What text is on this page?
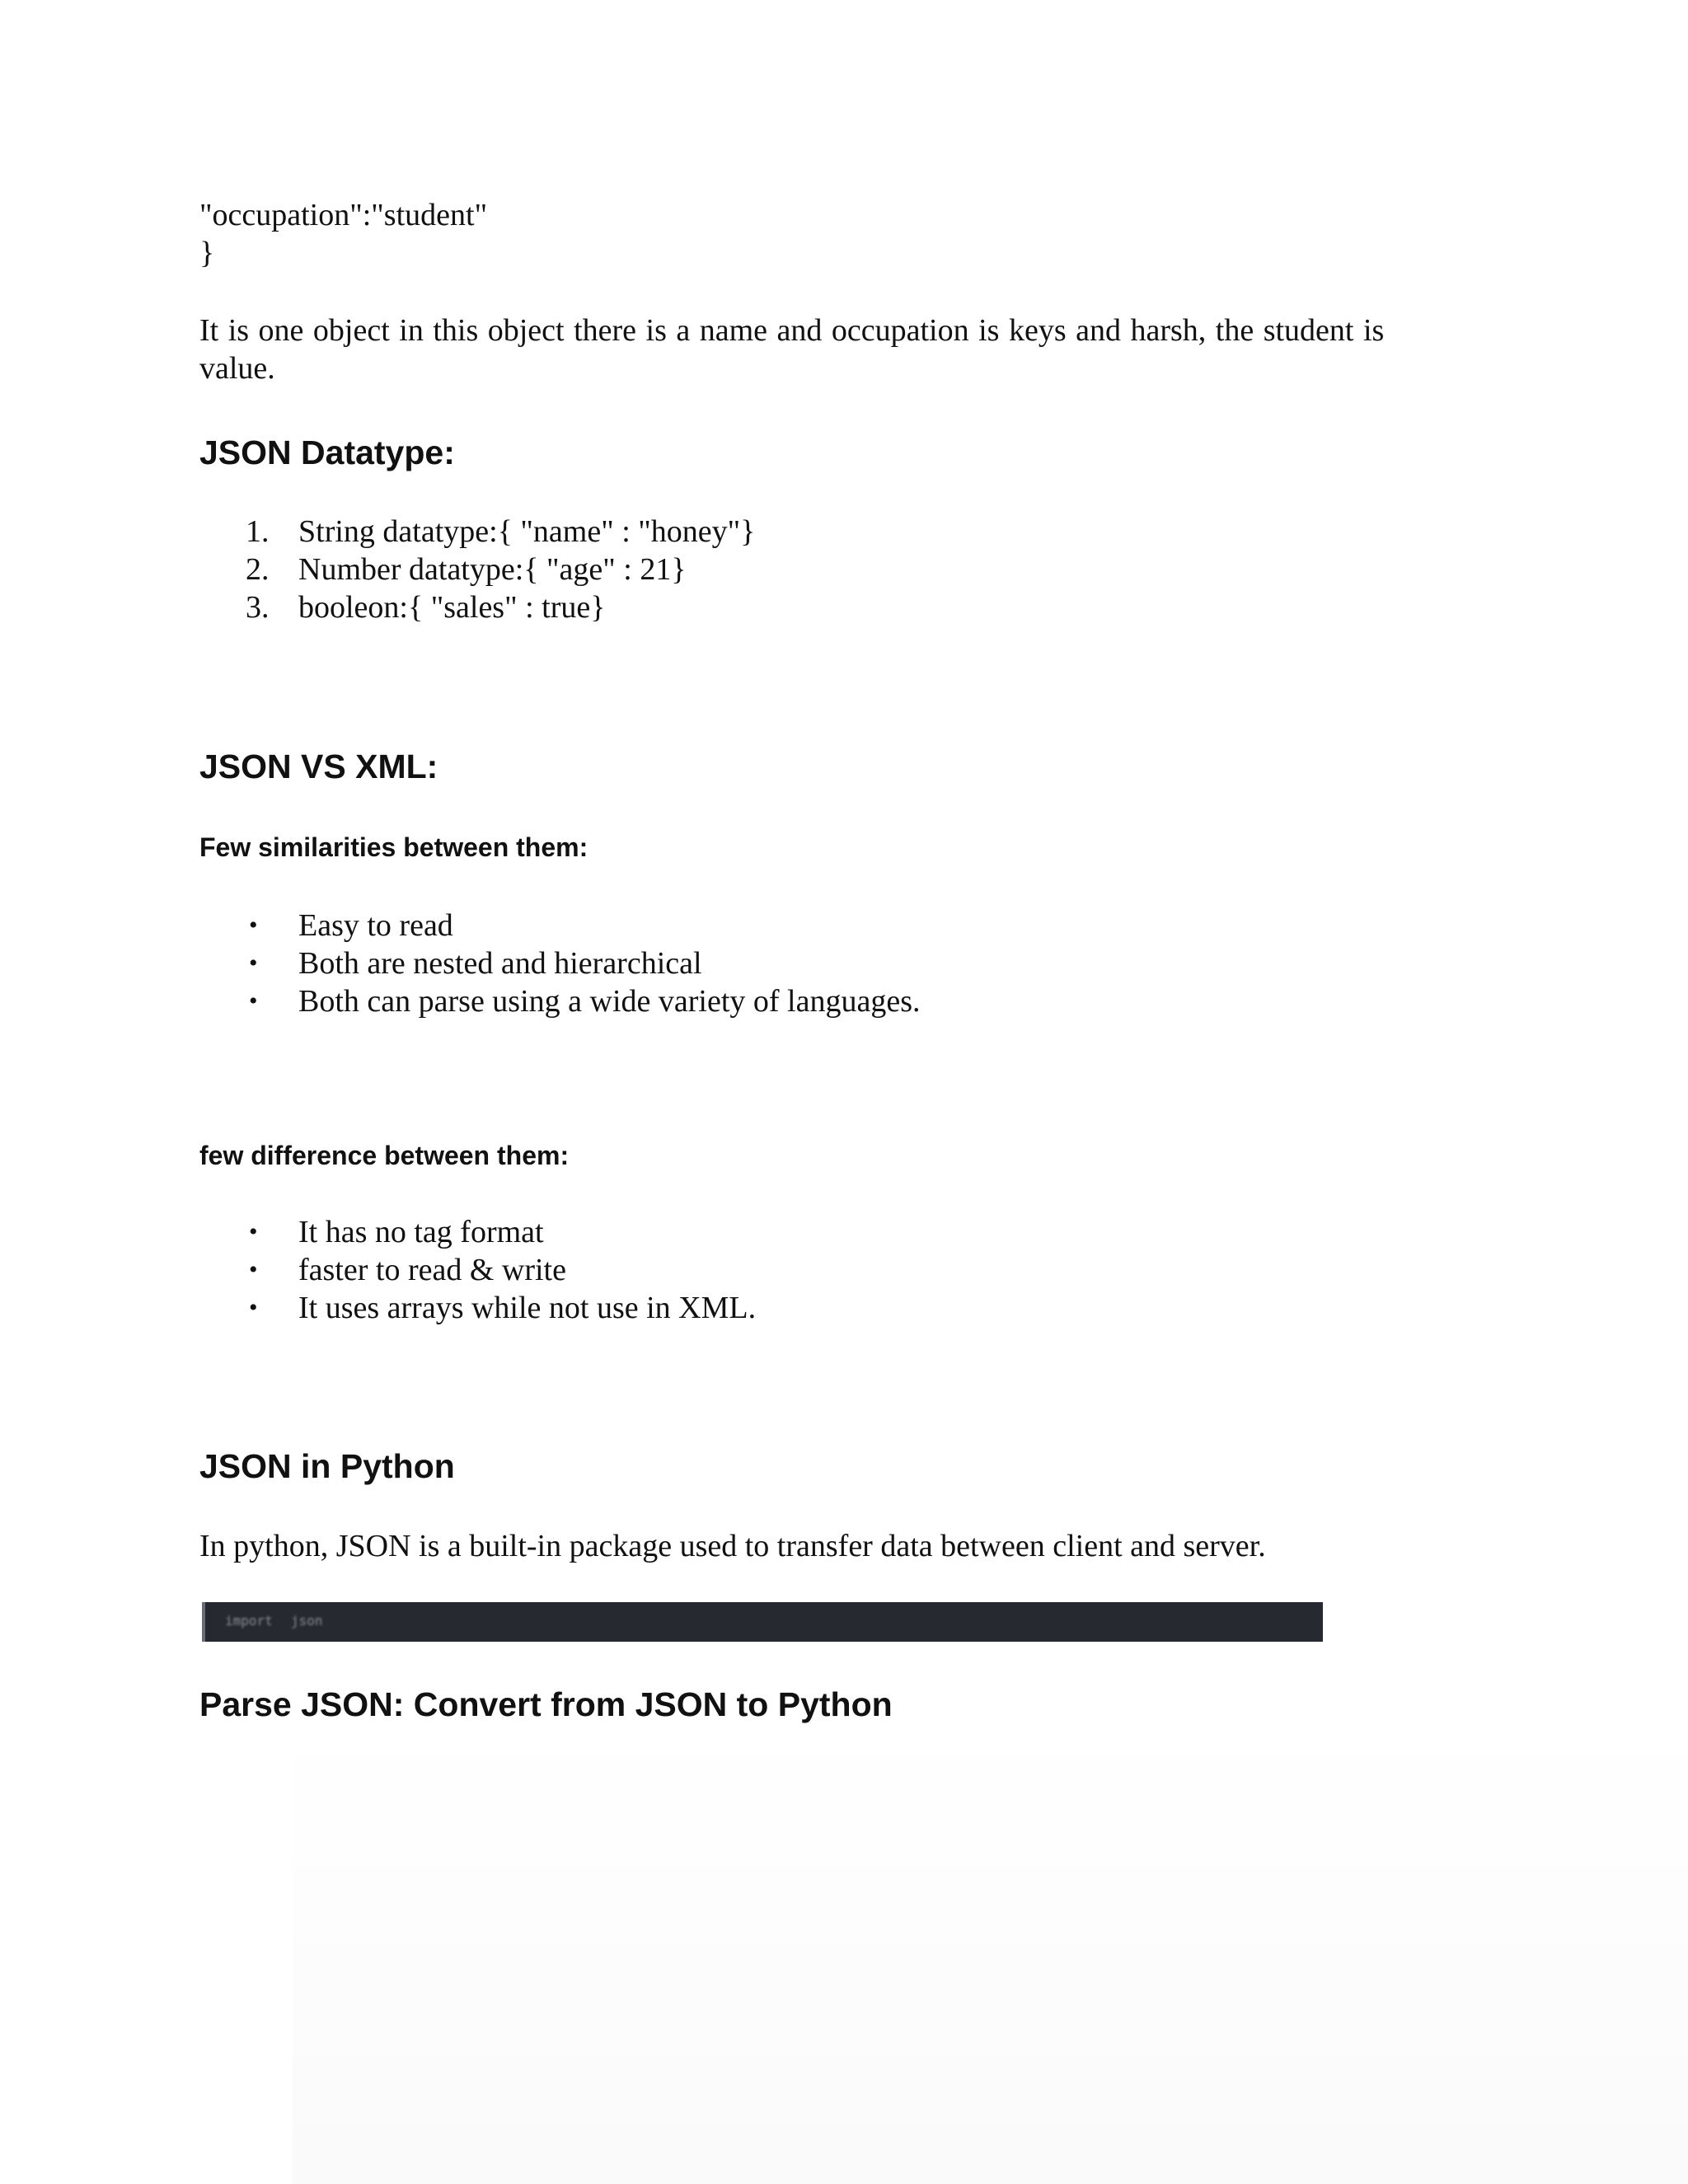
"occupation":"student"
}
It is one object in this object there is a name and occupation is keys and harsh, the student is
value.
JSON Datatype:
1. String datatype:{ "name" : "honey"}
2. Number datatype:{ "age" : 21}
3. booleon:{ "sales" : true}
JSON VS XML:
Few similarities between them:
• Easy to read
• Both are nested and hierarchical
• Both can parse using a wide variety of languages.
few difference between them:
• It has no tag format
• faster to read & write
• It uses arrays while not use in XML.
JSON in Python
In python, JSON is a built-in package used to transfer data between client and server.
import json
Parse JSON: Convert from JSON to Python
